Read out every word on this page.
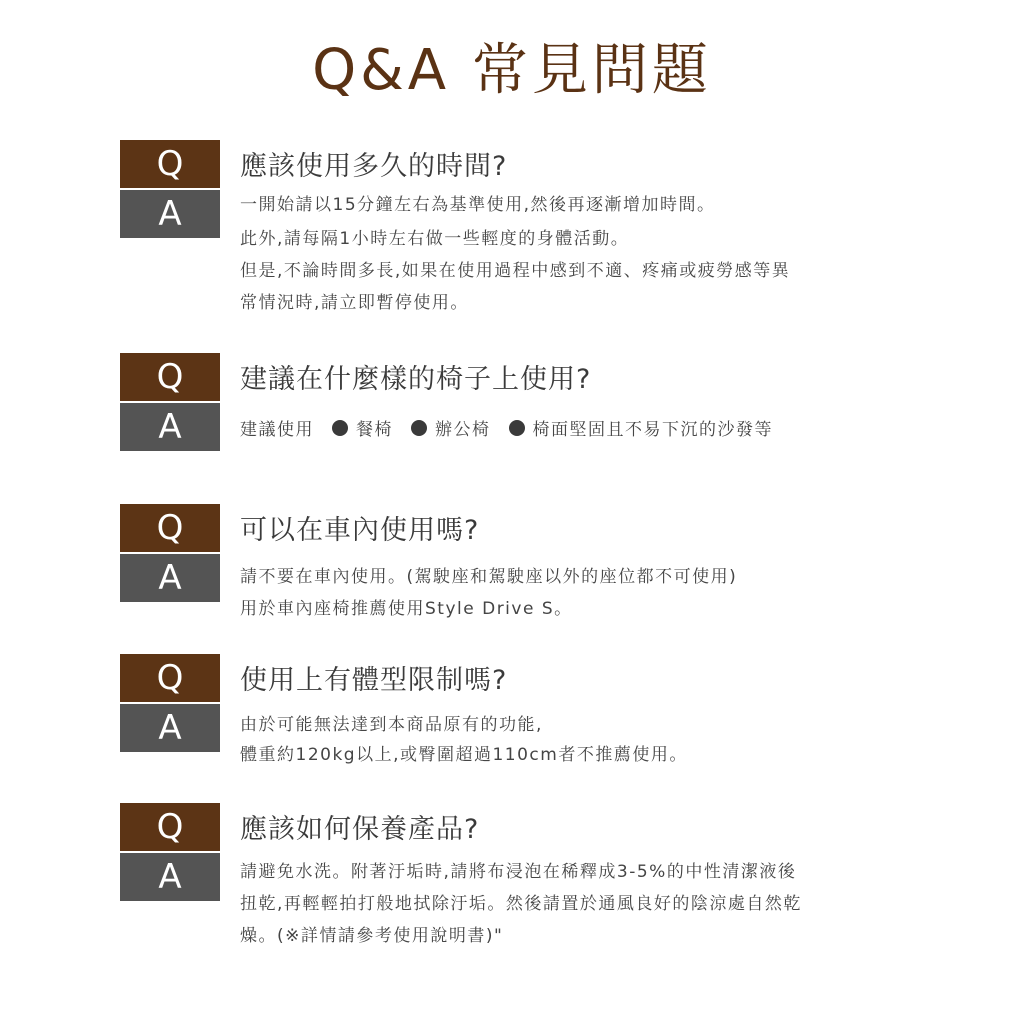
Q&A 常見問題
Q
A
應該使用多久的時間?
一開始請以15分鐘左右為基準使用,然後再逐漸增加時間。
此外,請每隔1小時左右做一些輕度的身體活動。
但是,不論時間多長,如果在使用過程中感到不適、疼痛或疲勞感等異
常情況時,請立即暫停使用。
Q
A
建議在什麼樣的椅子上使用?
建議使用 餐椅 辦公椅 椅面堅固且不易下沉的沙發等
Q
A
可以在車內使用嗎?
請不要在車內使用。(駕駛座和駕駛座以外的座位都不可使用)
用於車內座椅推薦使用Style Drive S。
Q
A
使用上有體型限制嗎?
由於可能無法達到本商品原有的功能,
體重約120kg以上,或臀圍超過110cm者不推薦使用。
Q
A
應該如何保養產品?
請避免水洗。附著汙垢時,請將布浸泡在稀釋成3-5%的中性清潔液後
扭乾,再輕輕拍打般地拭除汙垢。然後請置於通風良好的陰涼處自然乾
燥。(※詳情請參考使用說明書)"
